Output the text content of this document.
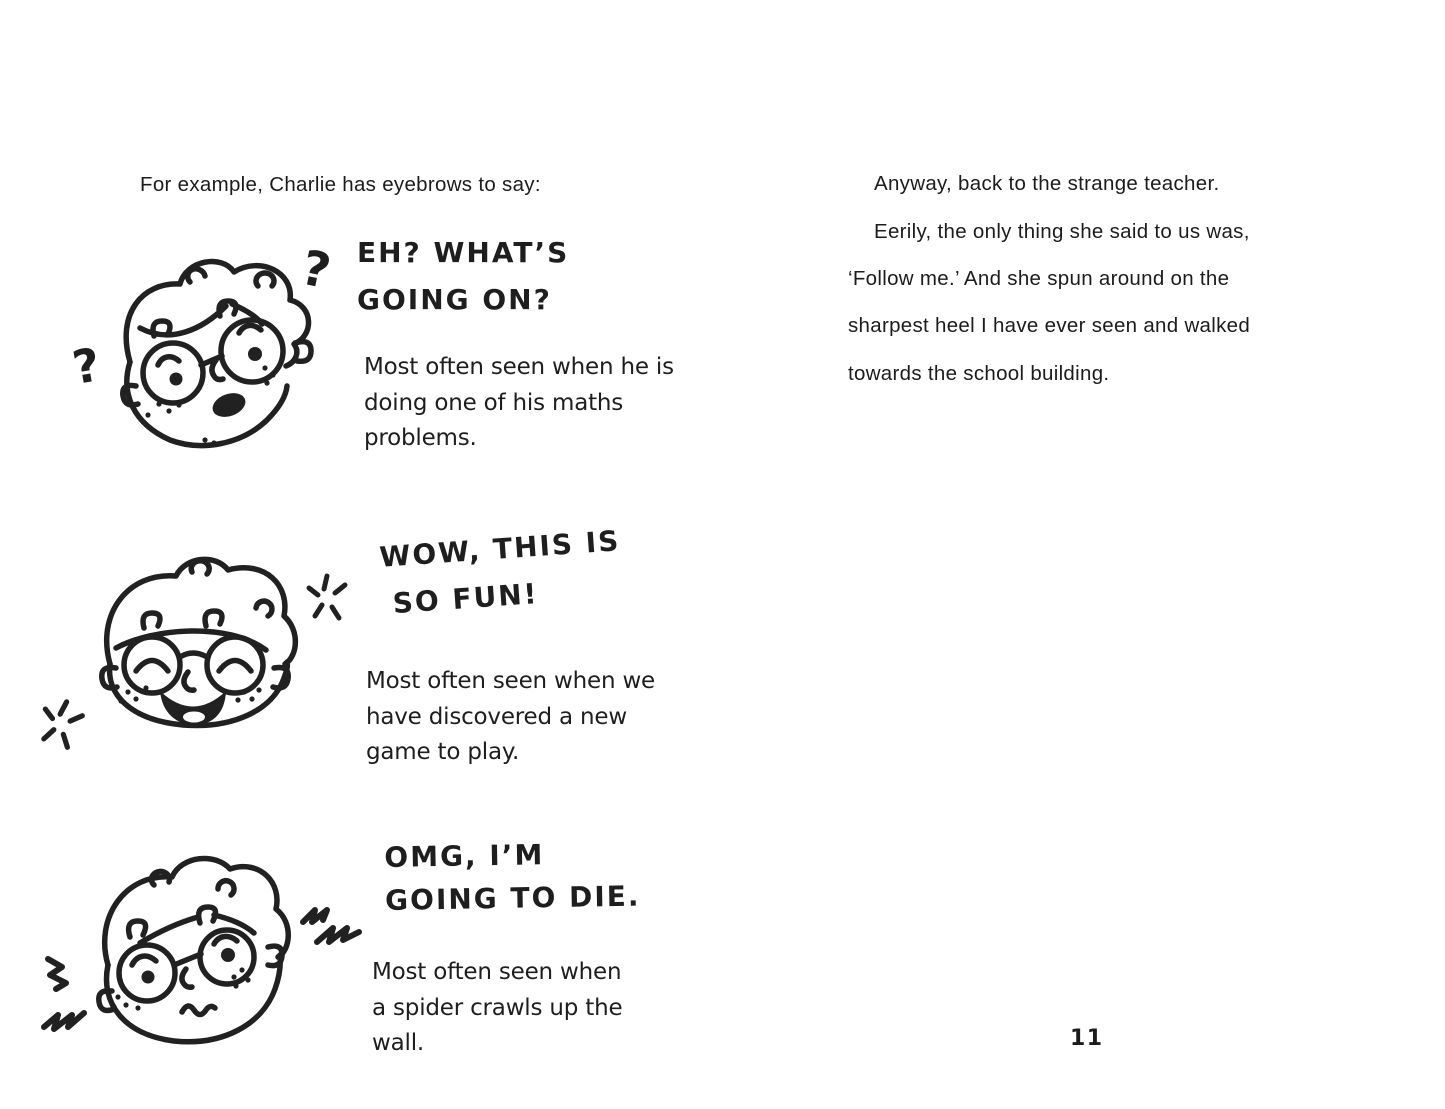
For example, Charlie has eyebrows to say:
?
?
EH? WHAT’S
GOING ON?
Most often seen when he is
doing one of his maths
problems.
WOW, THIS IS
SO FUN!
Most often seen when we
have discovered a new
game to play.
OMG, I’M
GOING TO DIE.
Most often seen when
a spider crawls up the
wall.
Anyway, back to the strange teacher.
Eerily, the only thing she said to us was,
‘Follow me.’ And she spun around on the
sharpest heel I have ever seen and walked
towards the school building.
11
